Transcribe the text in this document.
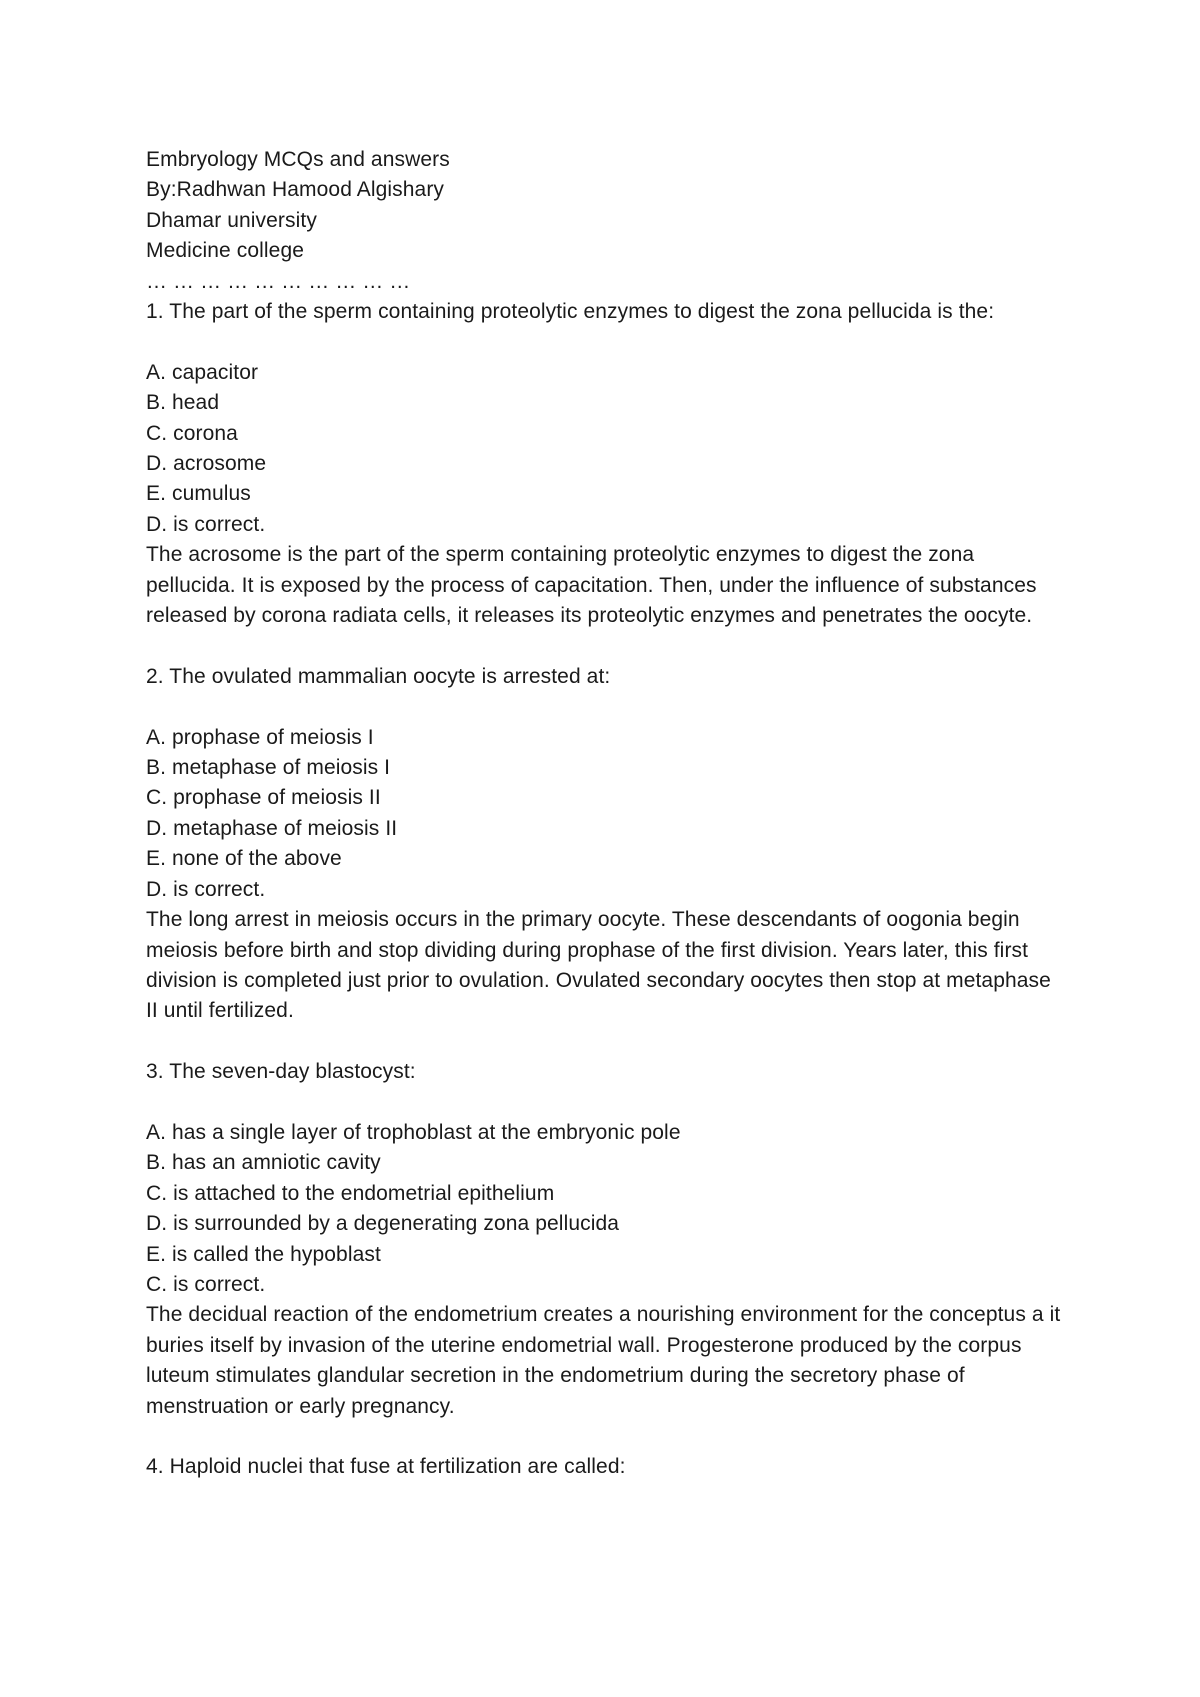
Embryology MCQs and answers
By:Radhwan Hamood Algishary
Dhamar university
Medicine college
… … … … … … … … … …
1. The part of the sperm containing proteolytic enzymes to digest the zona pellucida is the:
A. capacitor
B. head
C. corona
D. acrosome
E. cumulus
D. is correct.
The acrosome is the part of the sperm containing proteolytic enzymes to digest the zona pellucida. It is exposed by the process of capacitation. Then, under the influence of substances released by corona radiata cells, it releases its proteolytic enzymes and penetrates the oocyte.
2. The ovulated mammalian oocyte is arrested at:
A. prophase of meiosis I
B. metaphase of meiosis I
C. prophase of meiosis II
D. metaphase of meiosis II
E. none of the above
D. is correct.
The long arrest in meiosis occurs in the primary oocyte. These descendants of oogonia begin meiosis before birth and stop dividing during prophase of the first division. Years later, this first division is completed just prior to ovulation. Ovulated secondary oocytes then stop at metaphase II until fertilized.
3. The seven-day blastocyst:
A. has a single layer of trophoblast at the embryonic pole
B. has an amniotic cavity
C. is attached to the endometrial epithelium
D. is surrounded by a degenerating zona pellucida
E. is called the hypoblast
C. is correct.
The decidual reaction of the endometrium creates a nourishing environment for the conceptus a it buries itself by invasion of the uterine endometrial wall. Progesterone produced by the corpus luteum stimulates glandular secretion in the endometrium during the secretory phase of menstruation or early pregnancy.
4. Haploid nuclei that fuse at fertilization are called:
